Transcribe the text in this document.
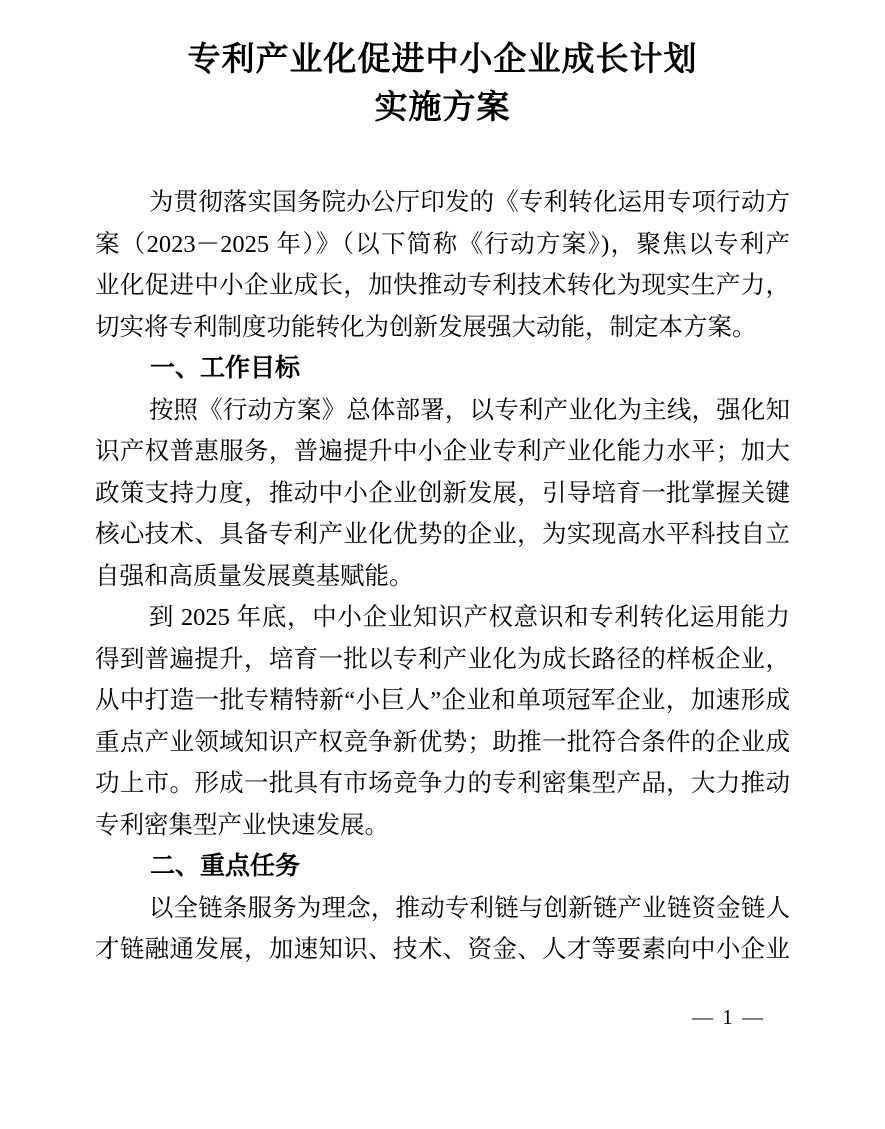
专利产业化促进中小企业成长计划
实施方案
为贯彻落实国务院办公厅印发的《专利转化运用专项行动方
案（2023－2025 年）》（以下简称《行动方案》)，聚焦以专利产
业化促进中小企业成长，加快推动专利技术转化为现实生产力，
切实将专利制度功能转化为创新发展强大动能，制定本方案。
一、工作目标
按照《行动方案》总体部署，以专利产业化为主线，强化知
识产权普惠服务，普遍提升中小企业专利产业化能力水平；加大
政策支持力度，推动中小企业创新发展，引导培育一批掌握关键
核心技术、具备专利产业化优势的企业，为实现高水平科技自立
自强和高质量发展奠基赋能。
到 2025 年底，中小企业知识产权意识和专利转化运用能力
得到普遍提升，培育一批以专利产业化为成长路径的样板企业，
从中打造一批专精特新“小巨人”企业和单项冠军企业，加速形成
重点产业领域知识产权竞争新优势；助推一批符合条件的企业成
功上市。形成一批具有市场竞争力的专利密集型产品，大力推动
专利密集型产业快速发展。
二、重点任务
以全链条服务为理念，推动专利链与创新链产业链资金链人
才链融通发展，加速知识、技术、资金、人才等要素向中小企业
— 1 —
